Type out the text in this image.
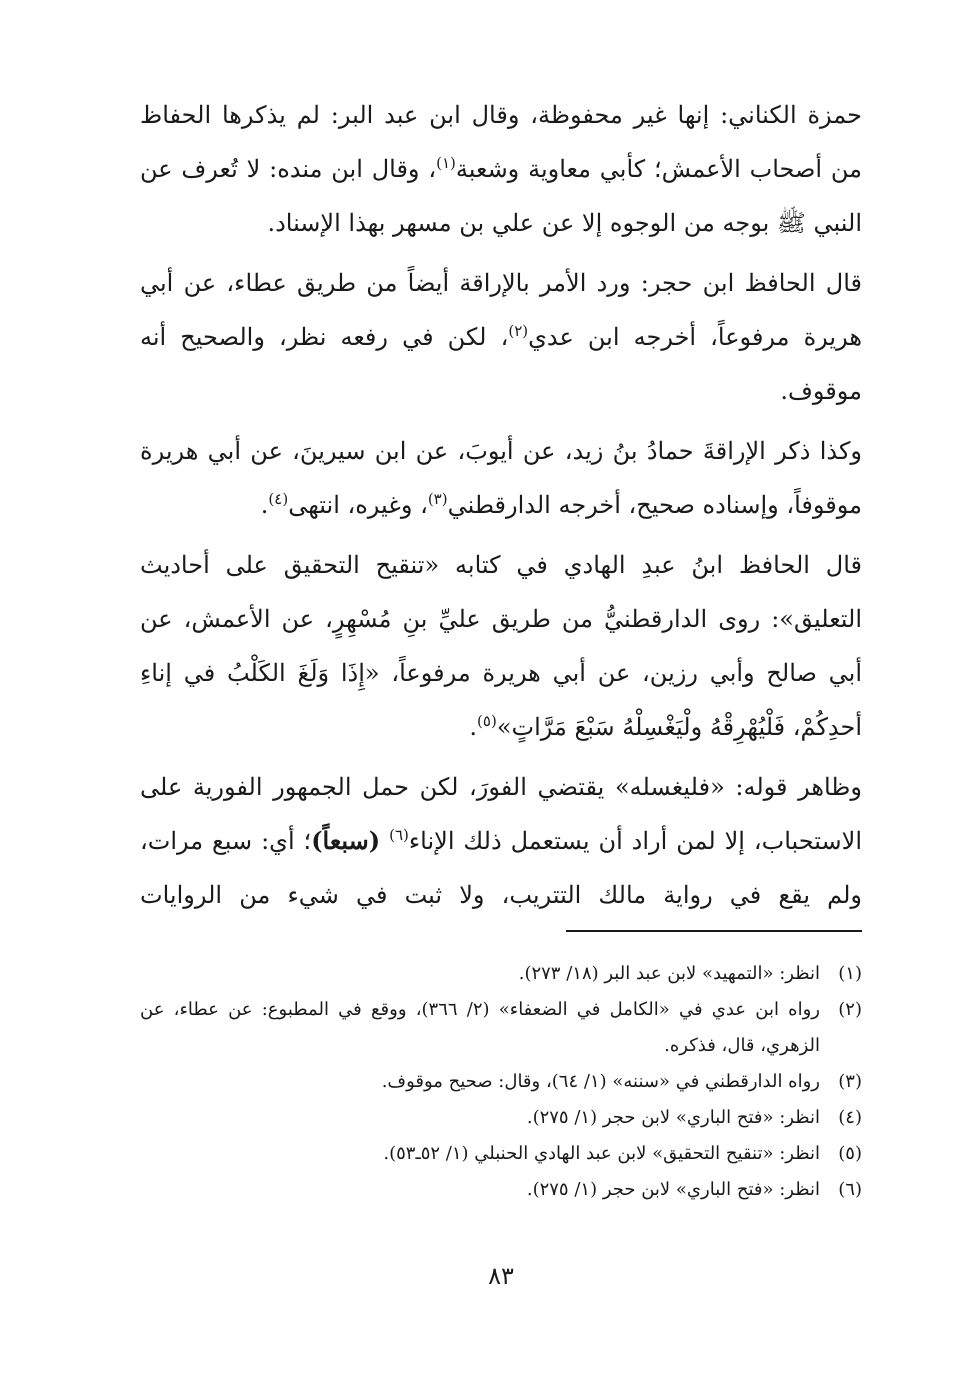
حمزة الكناني: إنها غير محفوظة، وقال ابن عبد البر: لم يذكرها الحفاظ من أصحاب الأعمش؛ كأبي معاوية وشعبة$^{(١)}$، وقال ابن منده: لا تُعرف عن النبي ﷺ بوجه من الوجوه إلا عن علي بن مسهر بهذا الإسناد.

قال الحافظ ابن حجر: ورد الأمر بالإراقة أيضاً من طريق عطاء، عن أبي هريرة مرفوعاً، أخرجه ابن عدي$^{(٢)}$، لكن في رفعه نظر، والصحيح أنه موقوف.

وكذا ذكر الإراقةَ حمادُ بنُ زيد، عن أيوبَ، عن ابن سيرينَ، عن أبي هريرة موقوفاً، وإسناده صحيح، أخرجه الدارقطني$^{(٣)}$، وغيره، انتهى$^{(٤)}$.

قال الحافظ ابنُ عبدِ الهادي في كتابه «تنقيح التحقيق على أحاديث التعليق»: روى الدارقطنيُّ من طريق عليِّ بنِ مُسْهِرٍ، عن الأعمش، عن أبي صالح وأبي رزين، عن أبي هريرة مرفوعاً، «إِذَا وَلَغَ الكَلْبُ في إناءِ أحدِكُمْ، فَلْيُهْرِقْهُ ولْيَغْسِلْهُ سَبْعَ مَرَّاتٍ»$^{(٥)}$.

وظاهر قوله: «فليغسله» يقتضي الفورَ، لكن حمل الجمهور الفورية على الاستحباب، إلا لمن أراد أن يستعمل ذلك الإناء$^{(٦)}$ (سبعاً)؛ أي: سبع مرات، ولم يقع في رواية مالك التتريب، ولا ثبت في شيء من الروايات

(١)
انظر: «التمهيد» لابن عبد البر (١٨/ ٢٧٣).
(٢)
رواه ابن عدي في «الكامل في الضعفاء» (٢/ ٣٦٦)، ووقع في المطبوع: عن عطاء، عن الزهري، قال، فذكره.
(٣)
رواه الدارقطني في «سننه» (١/ ٦٤)، وقال: صحيح موقوف.
(٤)
انظر: «فتح الباري» لابن حجر (١/ ٢٧٥).
(٥)
انظر: «تنقيح التحقيق» لابن عبد الهادي الحنبلي (١/ ٥٢ـ٥٣).
(٦)
انظر: «فتح الباري» لابن حجر (١/ ٢٧٥).
٨٣
